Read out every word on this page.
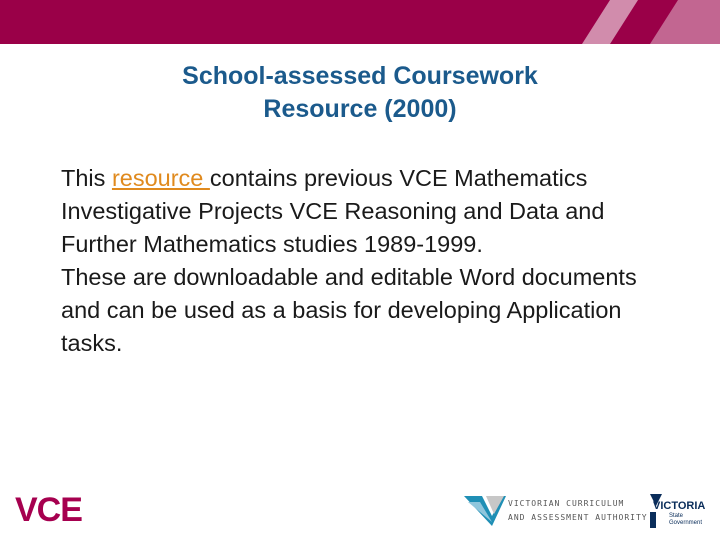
School-assessed Coursework
Resource (2000)

This resource contains previous VCE Mathematics Investigative Projects VCE Reasoning and Data and Further Mathematics studies 1989-1999.

These are downloadable and editable Word documents and can be used as a basis for developing Application tasks.

VCE	VICTORIAN CURRICULUM
AND ASSESSMENT AUTHORITY
VICTORIA
State Government
